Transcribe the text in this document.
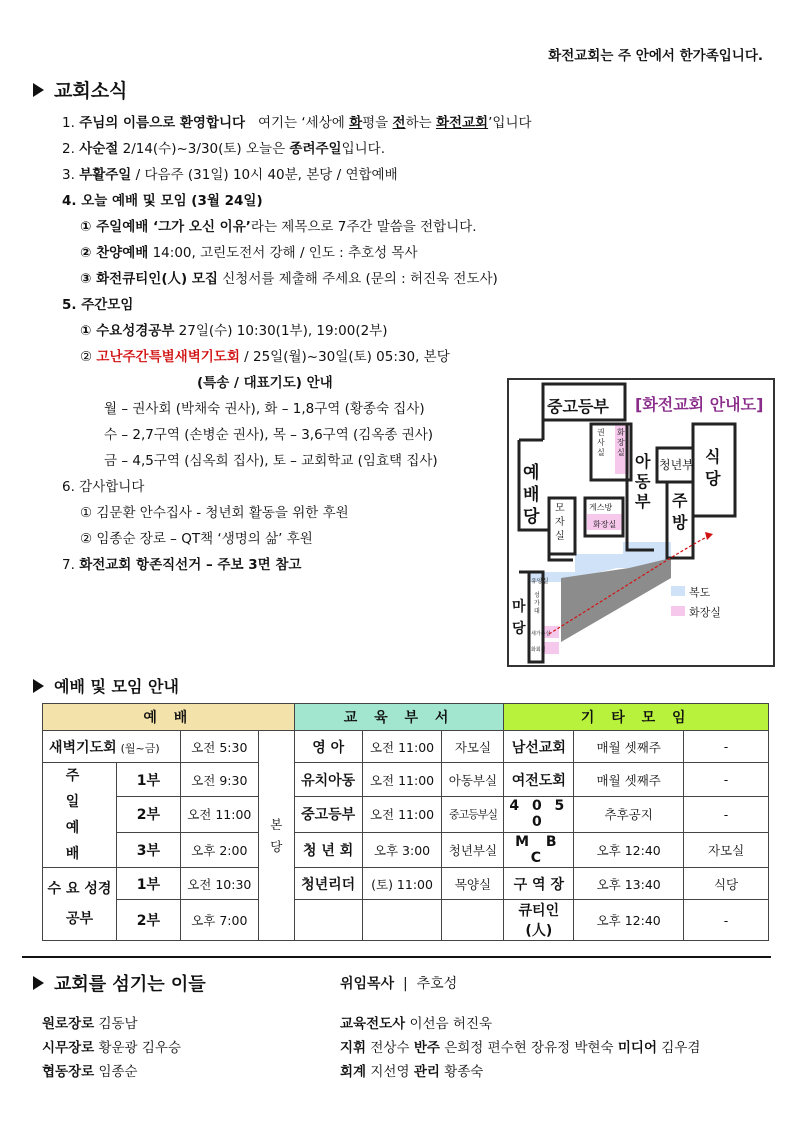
화전교회는 주 안에서 한가족입니다.
교회소식
1. 주님의 이름으로 환영합니다 여기는 ‘세상에 화평을 전하는 화전교회’입니다
2. 사순절 2/14(수)~3/30(토) 오늘은 종려주일입니다.
3. 부활주일 / 다음주 (31일) 10시 40분, 본당 / 연합예배
4. 오늘 예배 및 모임 (3월 24일)
① 주일예배 ‘그가 오신 이유’라는 제목으로 7주간 말씀을 전합니다.
② 찬양예배 14:00, 고린도전서 강해 / 인도 : 추호성 목사
③ 화전큐티인(人) 모집 신청서를 제출해 주세요 (문의 : 허진욱 전도사)
5. 주간모임
① 수요성경공부 27일(수) 10:30(1부), 19:00(2부)
② 고난주간특별새벽기도회 / 25일(월)~30일(토) 05:30, 본당
(특송 / 대표기도) 안내
월 – 권사회 (박채숙 권사), 화 – 1,8구역 (황종숙 집사)
수 – 2,7구역 (손병순 권사), 목 – 3,6구역 (김옥종 권사)
금 – 4,5구역 (심옥희 집사), 토 – 교회학교 (임효택 집사)
6. 감사합니다
① 김문환 안수집사 - 청년회 활동을 위한 후원
② 임종순 장로 – QT책 ‘생명의 삶’ 후원
7. 화전교회 항존직선거 – 주보 3면 참고
중고등부 [화전교회 안내도]
예배당
권사실
화장실 아동부
청년부 식당
주방
모자실
게스방
화장실
마당
유양실
성가대
새가족실
화회실
복도
화장실
예배 및 모임 안내
예 배				교 육 부 서			기 타 모 임		
새벽기도회 (월~금)		오전 5:30	본 당	영 아	오전 11:00	자모실	남선교회	매월 셋째주	-

주 일 예 배	1부	오전 9:30		유치아동	오전 11:00	아동부실	여전도회	매월 셋째주	-
	2부	오전 11:00		중고등부	오전 11:00	중고등부실	4 0 5 0	추후공지	-
	3부	오후 2:00		청 년 회	오후 3:00	청년부실	M B C	오후 12:40	자모실

수 요 성경공부	1부	오전 10:30		청년리더	(토) 11:00	목양실	구 역 장	오후 13:40	식당
	2부	오후 7:00					큐티인(人)	오후 12:40	-
교회를 섬기는 이들	위임목사 | 추호성
원로장로 김동남
시무장로 황운광 김우승
협동장로 임종순
교육전도사 이선음 허진욱
지휘 전상수 반주 은희정 편수현 장유정 박현숙 미디어 김우겸
회계 지선영 관리 황종숙
